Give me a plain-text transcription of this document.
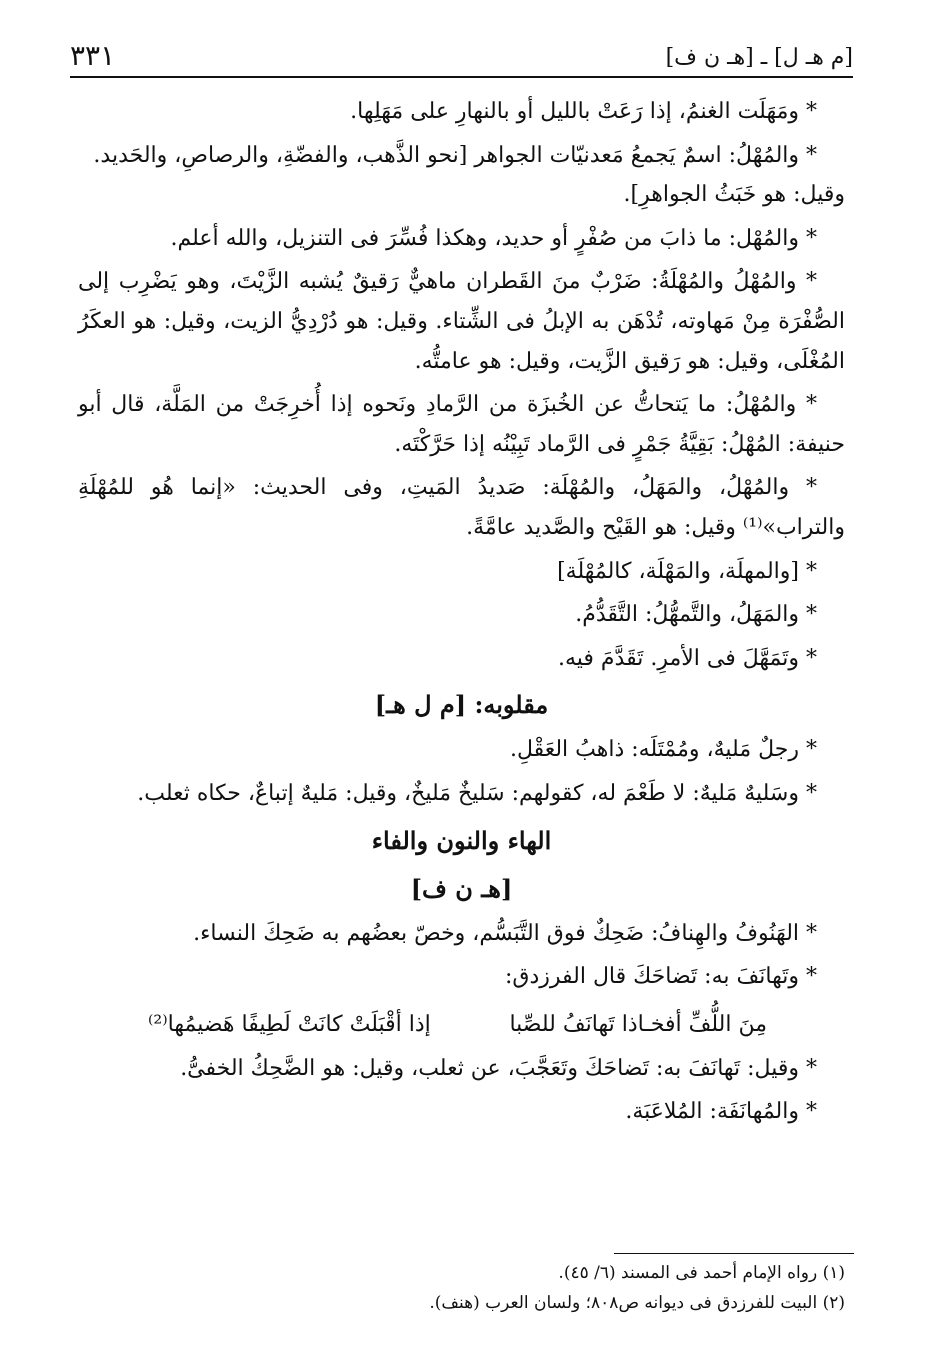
[م هـ ل] ـ [هـ ن ف]
٣٣١

* ومَهَلَت الغنمُ، إذا رَعَتْ بالليل أو بالنهارِ على مَهَلِها.

* والمُهْلُ: اسمٌ يَجمعُ مَعدنيّات الجواهر [نحو الذَّهب، والفضّةِ، والرصاصِ، والحَديد.

وقيل: هو خَبَثُ الجواهرِ].

* والمُهْل: ما ذابَ من صُفْرٍ أو حديد، وهكذا فُسِّرَ فى التنزيل، والله أعلم.

* والمُهْلُ والمُهْلَةُ: ضَرْبٌ منَ القَطران ماهيٌّ رَقيقٌ يُشبه الزَّيْتَ، وهو يَضْرِب إلى الصُّفْرَة مِنْ مَهاوته، تُدْهَن به الإبلُ فى الشِّتاء. وقيل: هو دُرْدِيُّ الزيت، وقيل: هو العكَرُ المُغْلَى، وقيل: هو رَقيق الزَّيت، وقيل: هو عامتُّه.

* والمُهْلُ: ما يَتحاتُّ عن الخُبزَة من الرَّمادِ ونَحوه إذا أُخرِجَتْ من المَلَّة، قال أبو حنيفة: المُهْلُ: بَقِيَّةُ جَمْرٍ فى الرَّماد تَبِيْنُه إذا حَرَّكْتَه.

* والمُهْلُ، والمَهَلُ، والمُهْلَة: صَديدُ المَيتِ، وفى الحديث: «إنما هُو للمُهْلَةِ والتراب»⁽¹⁾ وقيل: هو القَيْح والصَّديد عامَّةً.

* [والمهلَة، والمَهْلَة، كالمُهْلَة]

* والمَهَلُ، والتَّمهُّلُ: التَّقَدُّمُ.

* وتَمَهَّلَ فى الأمرِ. تَقَدَّمَ فيه.

مقلوبه: [م ل هـ]

* رجلٌ مَليهٌ، ومُمْتَلَه: ذاهبُ العَقْلِ.

* وسَليهٌ مَليهٌ: لا طَعْمَ له، كقولهم: سَليخٌ مَليخٌ، وقيل: مَليهٌ إتباعٌ، حكاه ثعلب.

الهاء والنون والفاء
[هـ ن ف]

* الهَنُوفُ والهِنافُ: ضَحِكٌ فوق التَّبَسُّم، وخصّ بعضُهم به ضَحِكَ النساء.

* وتَهانَفَ به: تَضاحَكَ قال الفرزدق:

مِنَ اللُّفِّ أفخـاذا تَهانَفُ للصِّبا
إذا أقْبَلَتْ كانَتْ لَطِيفًا هَضيمُها⁽²⁾

* وقيل: تَهانَفَ به: تَضاحَكَ وتَعَجَّبَ، عن ثعلب، وقيل: هو الضَّحِكُ الخفىُّ.

* والمُهانَفَة: المُلاعَبَة.

(١) رواه الإمام أحمد فى المسند (٦/ ٤٥).

(٢) البيت للفرزدق فى ديوانه ص٨٠٨؛ ولسان العرب (هنف).
